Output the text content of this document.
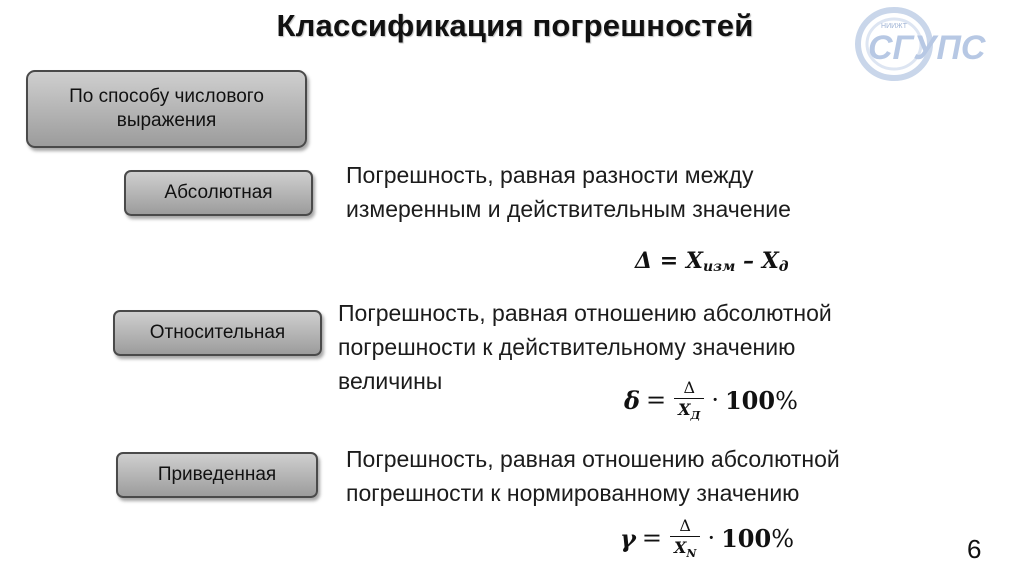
Классификация погрешностей	НИИЖТ
СГУПС
По способу числового выражения
Абсолютная
Погрешность, равная разности между
измеренным и действительным значение
$\Delta = X_{изм} - X_д$
Относительная
Погрешность, равная отношению абсолютной
погрешности к действительному значению
величины
$\delta = \frac{\Delta}{X_Д} \cdot 100\%$
Приведенная
Погрешность, равная отношению абсолютной
погрешности к нормированному значению
$\gamma = \frac{\Delta}{X_N} \cdot 100\%$	6
